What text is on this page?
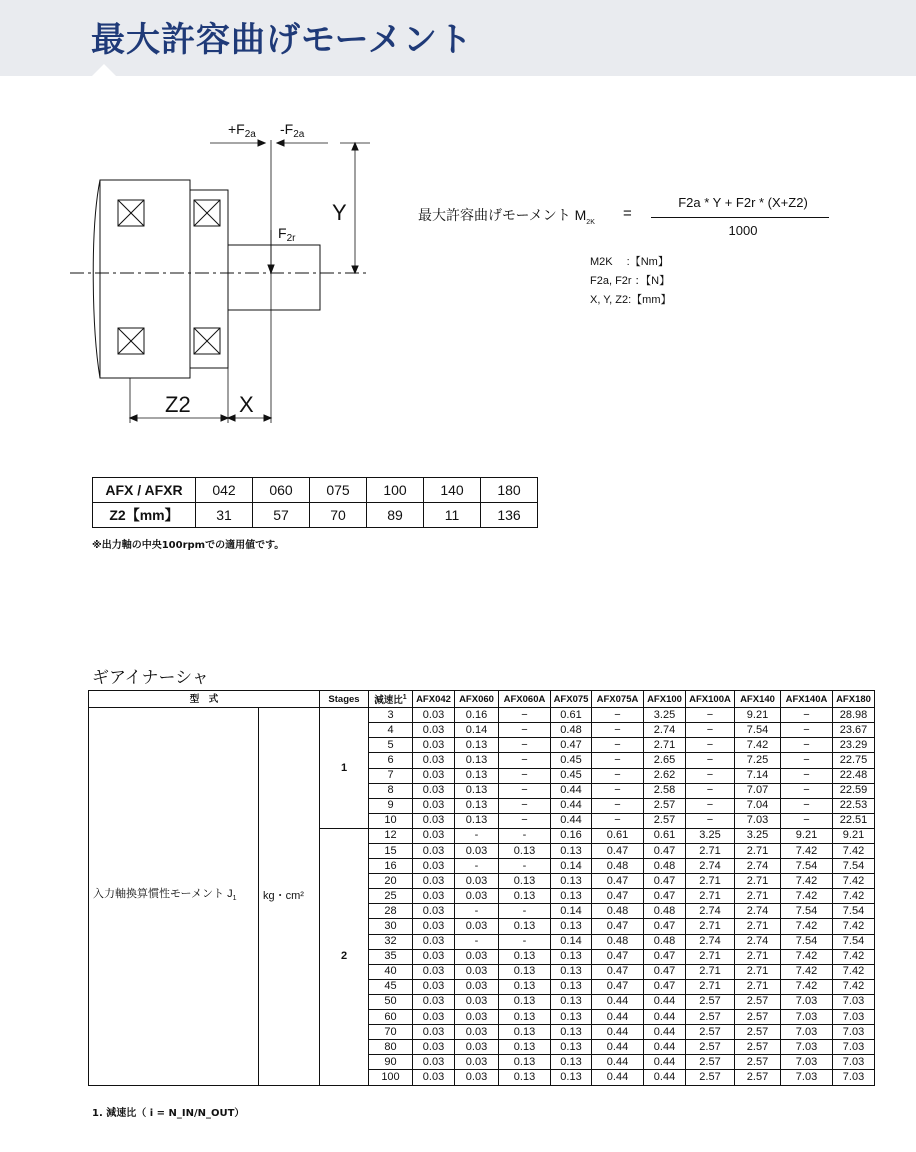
最大許容曲げモーメント
$+F_{2a}$ $-F_{2a}$
$F_{2r}$
Y
Z2 X
最大許容曲げモーメント $M_{2K}$
=
F2a * Y + F2r * (X+Z2)
1000
M2K 　:【Nm】
F2a, F2r ：【N】
X, Y, Z2:【mm】
AFX / AFXR	042	060	075	100	140	180
Z2【mm】	31	57	70	89	11	136
※出力軸の中央100rpmでの適用値です。
ギアイナーシャ
型　式		Stages	減速比$^1$	AFX042	AFX060	AFX060A	AFX075	AFX075A	AFX100	AFX100A	AFX140	AFX140A	AFX180
入力軸換算慣性モーメント $J_1$	kg・cm²	1	3	0.03	0.16	−	0.61	−	3.25	−	9.21	−	28.98
			4	0.03	0.14	−	0.48	−	2.74	−	7.54	−	23.67
			5	0.03	0.13	−	0.47	−	2.71	−	7.42	−	23.29
			6	0.03	0.13	−	0.45	−	2.65	−	7.25	−	22.75
			7	0.03	0.13	−	0.45	−	2.62	−	7.14	−	22.48
			8	0.03	0.13	−	0.44	−	2.58	−	7.07	−	22.59
			9	0.03	0.13	−	0.44	−	2.57	−	7.04	−	22.53
			10	0.03	0.13	−	0.44	−	2.57	−	7.03	−	22.51
		2	12	0.03	-	-	0.16	0.61	0.61	3.25	3.25	9.21	9.21
			15	0.03	0.03	0.13	0.13	0.47	0.47	2.71	2.71	7.42	7.42
			16	0.03	-	-	0.14	0.48	0.48	2.74	2.74	7.54	7.54
			20	0.03	0.03	0.13	0.13	0.47	0.47	2.71	2.71	7.42	7.42
			25	0.03	0.03	0.13	0.13	0.47	0.47	2.71	2.71	7.42	7.42
			28	0.03	-	-	0.14	0.48	0.48	2.74	2.74	7.54	7.54
			30	0.03	0.03	0.13	0.13	0.47	0.47	2.71	2.71	7.42	7.42
			32	0.03	-	-	0.14	0.48	0.48	2.74	2.74	7.54	7.54
			35	0.03	0.03	0.13	0.13	0.47	0.47	2.71	2.71	7.42	7.42
			40	0.03	0.03	0.13	0.13	0.47	0.47	2.71	2.71	7.42	7.42
			45	0.03	0.03	0.13	0.13	0.47	0.47	2.71	2.71	7.42	7.42
			50	0.03	0.03	0.13	0.13	0.44	0.44	2.57	2.57	7.03	7.03
			60	0.03	0.03	0.13	0.13	0.44	0.44	2.57	2.57	7.03	7.03
			70	0.03	0.03	0.13	0.13	0.44	0.44	2.57	2.57	7.03	7.03
			80	0.03	0.03	0.13	0.13	0.44	0.44	2.57	2.57	7.03	7.03
			90	0.03	0.03	0.13	0.13	0.44	0.44	2.57	2.57	7.03	7.03
			100	0.03	0.03	0.13	0.13	0.44	0.44	2.57	2.57	7.03	7.03
1. 減速比（ i = N_IN/N_OUT）
